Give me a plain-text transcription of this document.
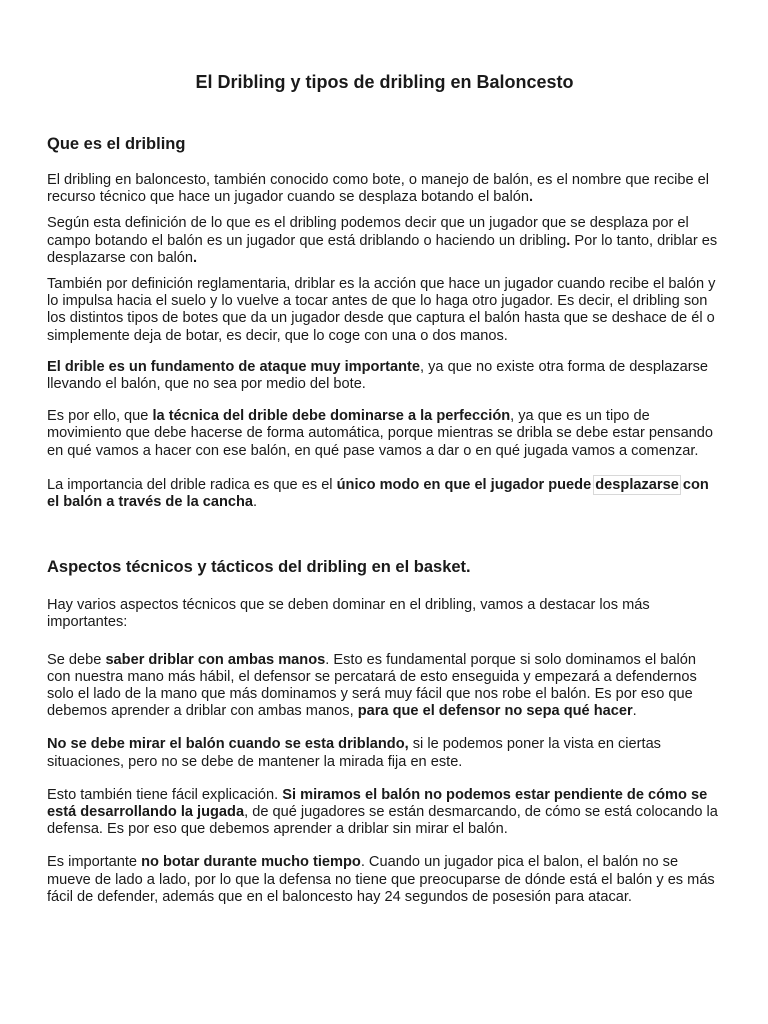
El Dribling y tipos de dribling en Baloncesto
Que es el dribling

El dribling en baloncesto, también conocido como bote, o manejo de balón, es el nombre que recibe el recurso técnico que hace un jugador cuando se desplaza botando el balón.

Según esta definición de lo que es el dribling podemos decir que un jugador que se desplaza por el campo botando el balón es un jugador que está driblando o haciendo un dribling. Por lo tanto, driblar es desplazarse con balón.

También por definición reglamentaria, driblar es la acción que hace un jugador cuando recibe el balón y lo impulsa hacia el suelo y lo vuelve a tocar antes de que lo haga otro jugador. Es decir, el dribling son los distintos tipos de botes que da un jugador desde que captura el balón hasta que se deshace de él o simplemente deja de botar, es decir, que lo coge con una o dos manos.

El drible es un fundamento de ataque muy importante, ya que no existe otra forma de desplazarse llevando el balón, que no sea por medio del bote.

Es por ello, que la técnica del drible debe dominarse a la perfección, ya que es un tipo de movimiento que debe hacerse de forma automática, porque mientras se dribla se debe estar pensando en qué vamos a hacer con ese balón, en qué pase vamos a dar o en qué jugada vamos a comenzar.

La importancia del drible radica es que es el único modo en que el jugador puede desplazarse con el balón a través de la cancha.

Aspectos técnicos y tácticos del dribling en el basket.

Hay varios aspectos técnicos que se deben dominar en el dribling, vamos a destacar los más importantes:

Se debe saber driblar con ambas manos. Esto es fundamental porque si solo dominamos el balón con nuestra mano más hábil, el defensor se percatará de esto enseguida y empezará a defendernos solo el lado de la mano que más dominamos y será muy fácil que nos robe el balón. Es por eso que debemos aprender a driblar con ambas manos, para que el defensor no sepa qué hacer.

No se debe mirar el balón cuando se esta driblando, si le podemos poner la vista en ciertas situaciones, pero no se debe de mantener la mirada fija en este.

Esto también tiene fácil explicación. Si miramos el balón no podemos estar pendiente de cómo se está desarrollando la jugada, de qué jugadores se están desmarcando, de cómo se está colocando la defensa. Es por eso que debemos aprender a driblar sin mirar el balón.

Es importante no botar durante mucho tiempo. Cuando un jugador pica el balon, el balón no se mueve de lado a lado, por lo que la defensa no tiene que preocuparse de dónde está el balón y es más fácil de defender, además que en el baloncesto hay 24 segundos de posesión para atacar.
